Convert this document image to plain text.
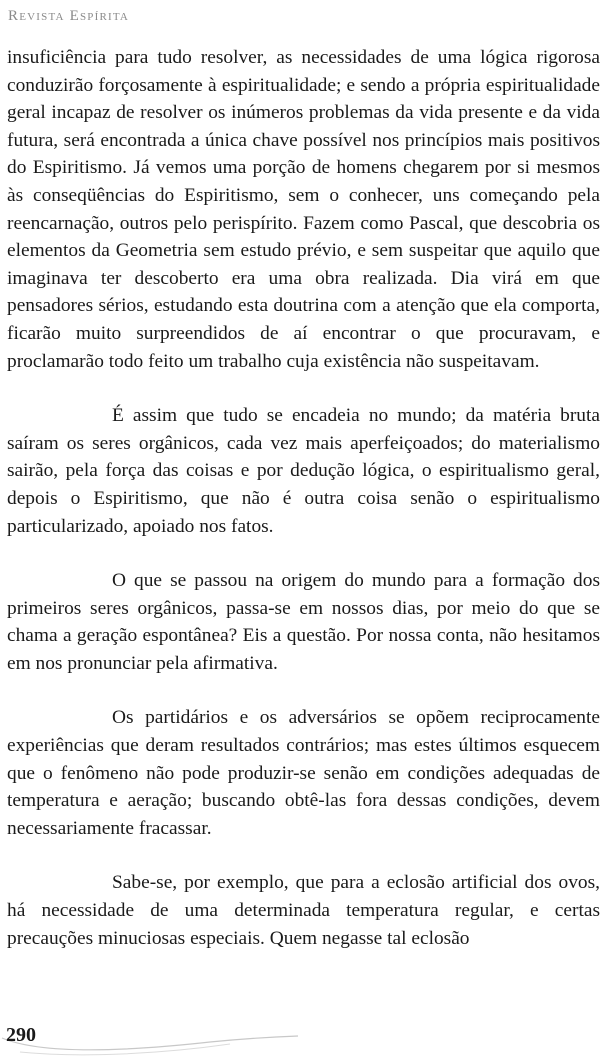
Revista Espírita

insuficiência para tudo resolver, as necessidades de uma lógica rigorosa conduzirão forçosamente à espiritualidade; e sendo a própria espiritualidade geral incapaz de resolver os inúmeros problemas da vida presente e da vida futura, será encontrada a única chave possível nos princípios mais positivos do Espiritismo. Já vemos uma porção de homens chegarem por si mesmos às conseqüências do Espiritismo, sem o conhecer, uns começando pela reencarnação, outros pelo perispírito. Fazem como Pascal, que descobria os elementos da Geometria sem estudo prévio, e sem suspeitar que aquilo que imaginava ter descoberto era uma obra realizada. Dia virá em que pensadores sérios, estudando esta doutrina com a atenção que ela comporta, ficarão muito surpreendidos de aí encontrar o que procuravam, e proclamarão todo feito um trabalho cuja existência não suspeitavam.

É assim que tudo se encadeia no mundo; da matéria bruta saíram os seres orgânicos, cada vez mais aperfeiçoados; do materialismo sairão, pela força das coisas e por dedução lógica, o espiritualismo geral, depois o Espiritismo, que não é outra coisa senão o espiritualismo particularizado, apoiado nos fatos.

O que se passou na origem do mundo para a formação dos primeiros seres orgânicos, passa-se em nossos dias, por meio do que se chama a geração espontânea? Eis a questão. Por nossa conta, não hesitamos em nos pronunciar pela afirmativa.

Os partidários e os adversários se opõem reciprocamente experiências que deram resultados contrários; mas estes últimos esquecem que o fenômeno não pode produzir-se senão em condições adequadas de temperatura e aeração; buscando obtê-las fora dessas condições, devem necessariamente fracassar.

Sabe-se, por exemplo, que para a eclosão artificial dos ovos, há necessidade de uma determinada temperatura regular, e certas precauções minuciosas especiais. Quem negasse tal eclosão

290
